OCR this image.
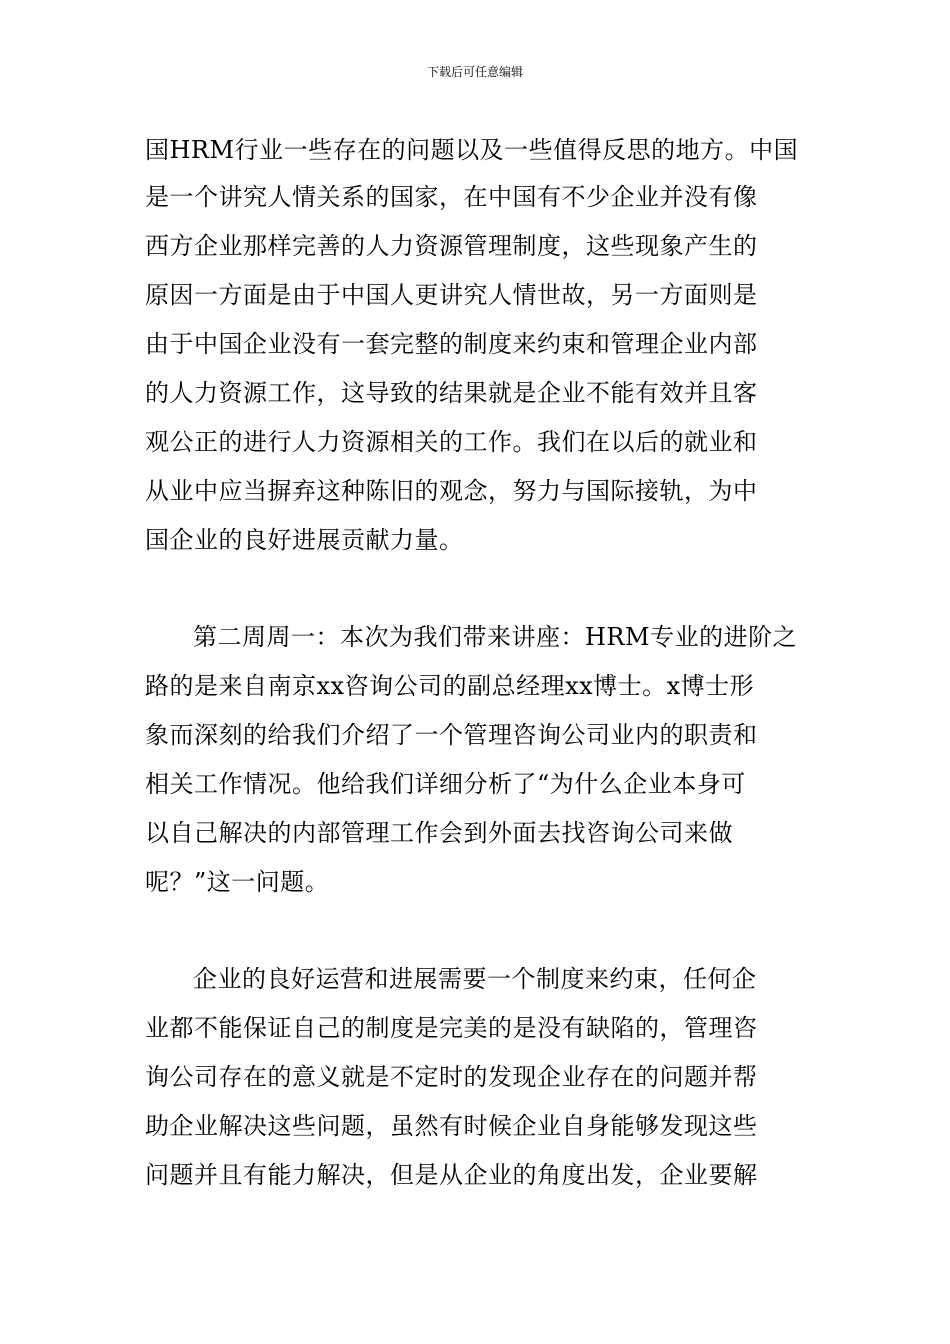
下载后可任意编辑
国HRM行业一些存在的问题以及一些值得反思的地方。中国
是一个讲究人情关系的国家，在中国有不少企业并没有像
西方企业那样完善的人力资源管理制度，这些现象产生的
原因一方面是由于中国人更讲究人情世故，另一方面则是
由于中国企业没有一套完整的制度来约束和管理企业内部
的人力资源工作，这导致的结果就是企业不能有效并且客
观公正的进行人力资源相关的工作。我们在以后的就业和
从业中应当摒弃这种陈旧的观念，努力与国际接轨，为中
国企业的良好进展贡献力量。
第二周周一：本次为我们带来讲座：HRM专业的进阶之
路的是来自南京xx咨询公司的副总经理xx博士。x博士形
象而深刻的给我们介绍了一个管理咨询公司业内的职责和
相关工作情况。他给我们详细分析了“为什么企业本身可
以自己解决的内部管理工作会到外面去找咨询公司来做
呢？”这一问题。
企业的良好运营和进展需要一个制度来约束，任何企
业都不能保证自己的制度是完美的是没有缺陷的，管理咨
询公司存在的意义就是不定时的发现企业存在的问题并帮
助企业解决这些问题，虽然有时候企业自身能够发现这些
问题并且有能力解决，但是从企业的角度出发，企业要解
